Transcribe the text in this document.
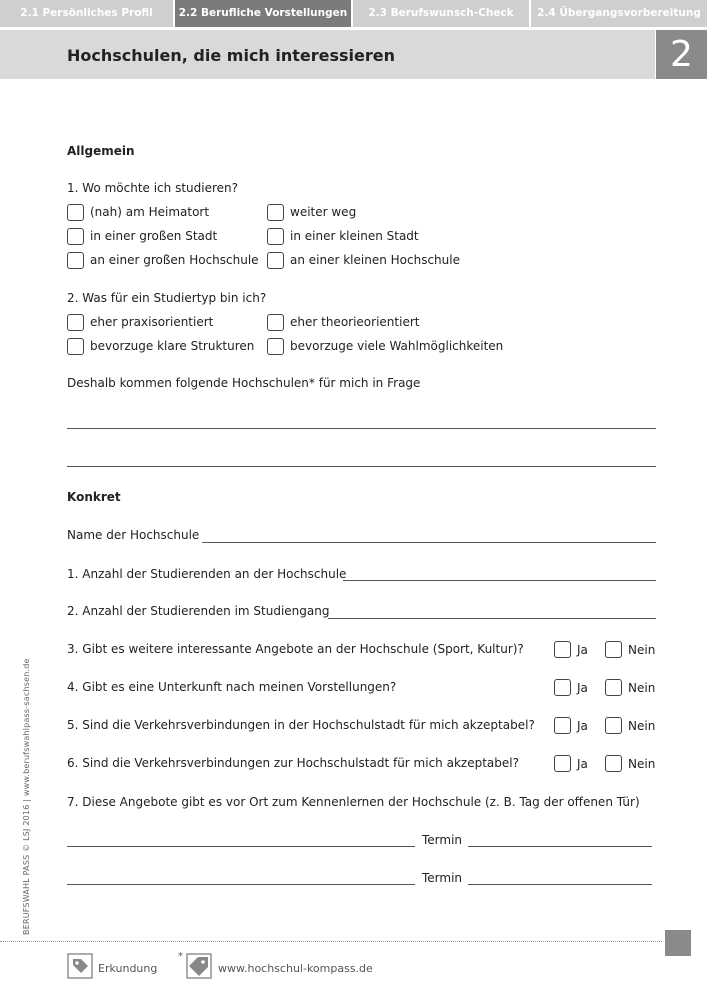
2.1 Persönliches Profil	2.2 Berufliche Vorstellungen	2.3 Berufswunsch-Check	2.4 Übergangsvorbereitung
Hochschulen, die mich interessieren	2
Allgemein
1. Wo möchte ich studieren?
(nah) am Heimatort	weiter weg
in einer großen Stadt	in einer kleinen Stadt
an einer großen Hochschule	an einer kleinen Hochschule
2. Was für ein Studiertyp bin ich?
eher praxisorientiert	eher theorieorientiert
bevorzuge klare Strukturen	bevorzuge viele Wahlmöglichkeiten
Deshalb kommen folgende Hochschulen* für mich in Frage
Konkret
Name der Hochschule
1. Anzahl der Studierenden an der Hochschule
2. Anzahl der Studierenden im Studiengang
3. Gibt es weitere interessante Angebote an der Hochschule (Sport, Kultur)?	Ja	Nein
4. Gibt es eine Unterkunft nach meinen Vorstellungen?	Ja	Nein
5. Sind die Verkehrsverbindungen in der Hochschulstadt für mich akzeptabel?	Ja	Nein
6. Sind die Verkehrsverbindungen zur Hochschulstadt für mich akzeptabel?	Ja	Nein
7. Diese Angebote gibt es vor Ort zum Kennenlernen der Hochschule (z. B. Tag der offenen Tür)
Termin
Termin
BERUFSWAHL PASS © LSJ 2016 | www.berufswahlpass-sachsen.de
Erkundung
*
www.hochschul-kompass.de
